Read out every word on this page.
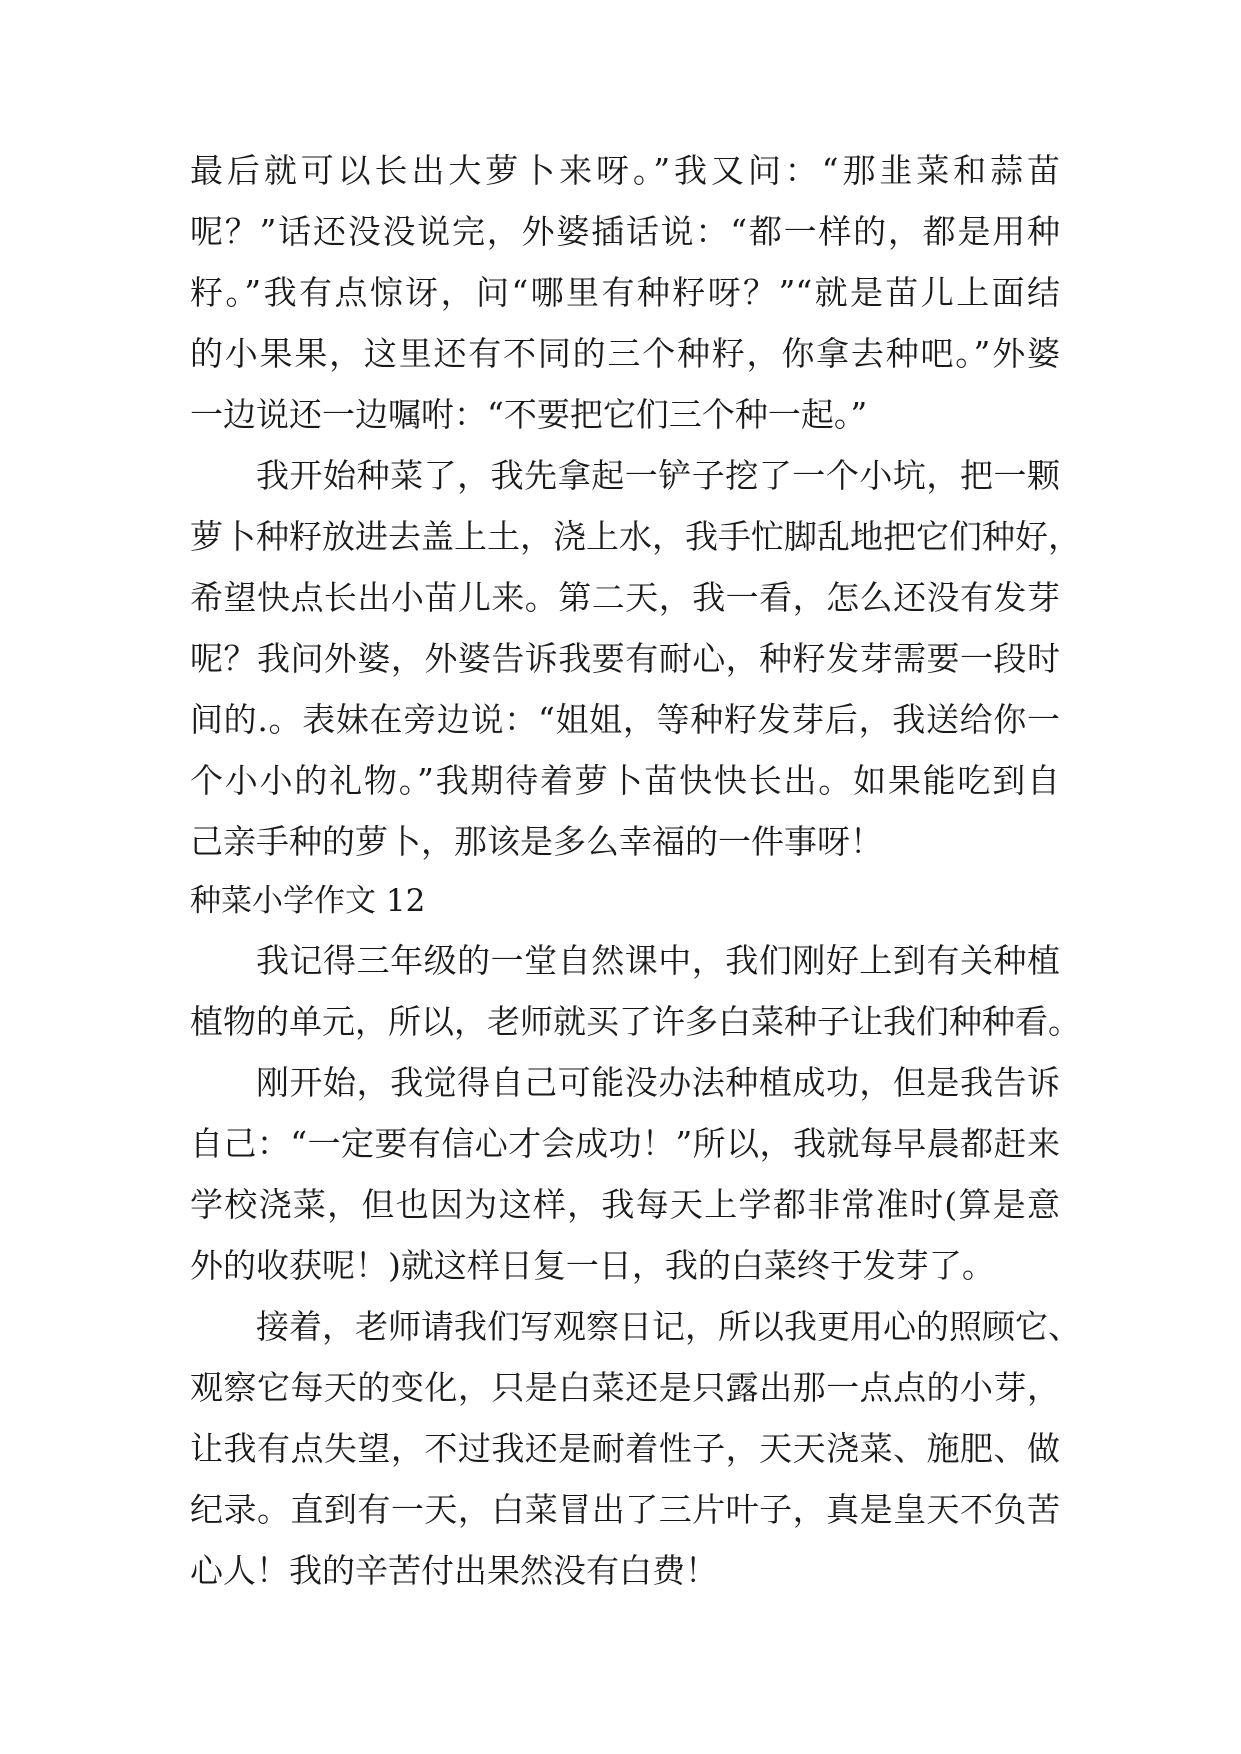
最后就可以长出大萝卜来呀。”我又问：“那韭菜和蒜苗
呢？”话还没没说完，外婆插话说：“都一样的，都是用种
籽。”我有点惊讶，问“哪里有种籽呀？”“就是苗儿上面结
的小果果，这里还有不同的三个种籽，你拿去种吧。”外婆
一边说还一边嘱咐：“不要把它们三个种一起。”
我开始种菜了，我先拿起一铲子挖了一个小坑，把一颗
萝卜种籽放进去盖上土，浇上水，我手忙脚乱地把它们种好，
希望快点长出小苗儿来。第二天，我一看，怎么还没有发芽
呢？我问外婆，外婆告诉我要有耐心，种籽发芽需要一段时
间的.。表妹在旁边说：“姐姐，等种籽发芽后，我送给你一
个小小的礼物。”我期待着萝卜苗快快长出。如果能吃到自
己亲手种的萝卜，那该是多么幸福的一件事呀！
种菜小学作文 12
我记得三年级的一堂自然课中，我们刚好上到有关种植
植物的单元，所以，老师就买了许多白菜种子让我们种种看。
刚开始，我觉得自己可能没办法种植成功，但是我告诉
自己：“一定要有信心才会成功！”所以，我就每早晨都赶来
学校浇菜，但也因为这样，我每天上学都非常准时(算是意
外的收获呢！)就这样日复一日，我的白菜终于发芽了。
接着，老师请我们写观察日记，所以我更用心的照顾它、
观察它每天的变化，只是白菜还是只露出那一点点的小芽，
让我有点失望，不过我还是耐着性子，天天浇菜、施肥、做
纪录。直到有一天，白菜冒出了三片叶子，真是皇天不负苦
心人！我的辛苦付出果然没有白费！
